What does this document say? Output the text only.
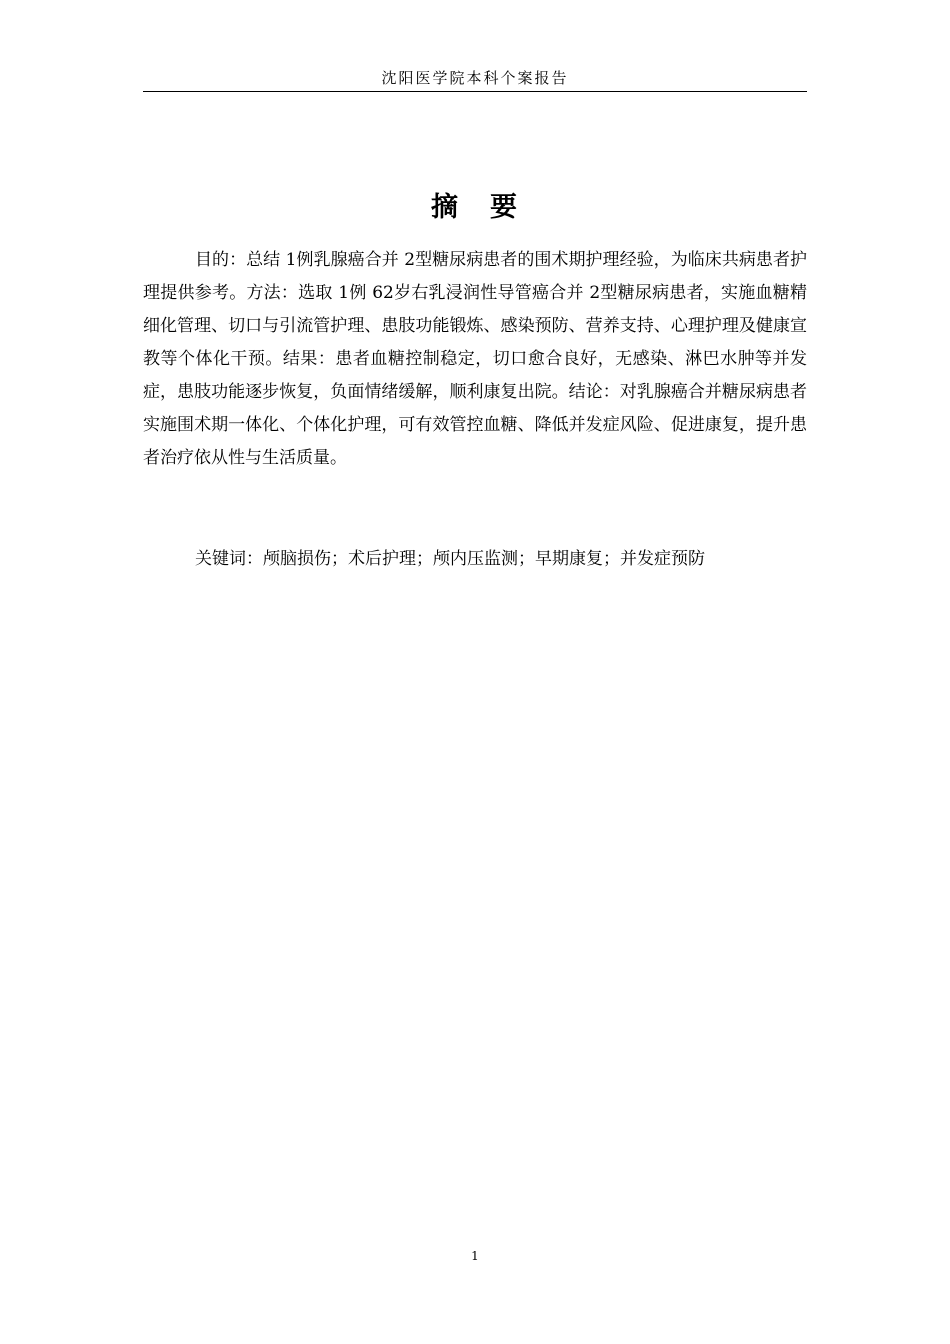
沈阳医学院本科个案报告
摘 要

目的：总结 1例乳腺癌合并 2型糖尿病患者的围术期护理经验，为临床共病患者护理提供参考。方法：选取 1例 62岁右乳浸润性导管癌合并 2型糖尿病患者，实施血糖精细化管理、切口与引流管护理、患肢功能锻炼、感染预防、营养支持、心理护理及健康宣教等个体化干预。结果：患者血糖控制稳定，切口愈合良好，无感染、淋巴水肿等并发症，患肢功能逐步恢复，负面情绪缓解，顺利康复出院。结论：对乳腺癌合并糖尿病患者实施围术期一体化、个体化护理，可有效管控血糖、降低并发症风险、促进康复，提升患者治疗依从性与生活质量。

关键词：颅脑损伤；术后护理；颅内压监测；早期康复；并发症预防

1
